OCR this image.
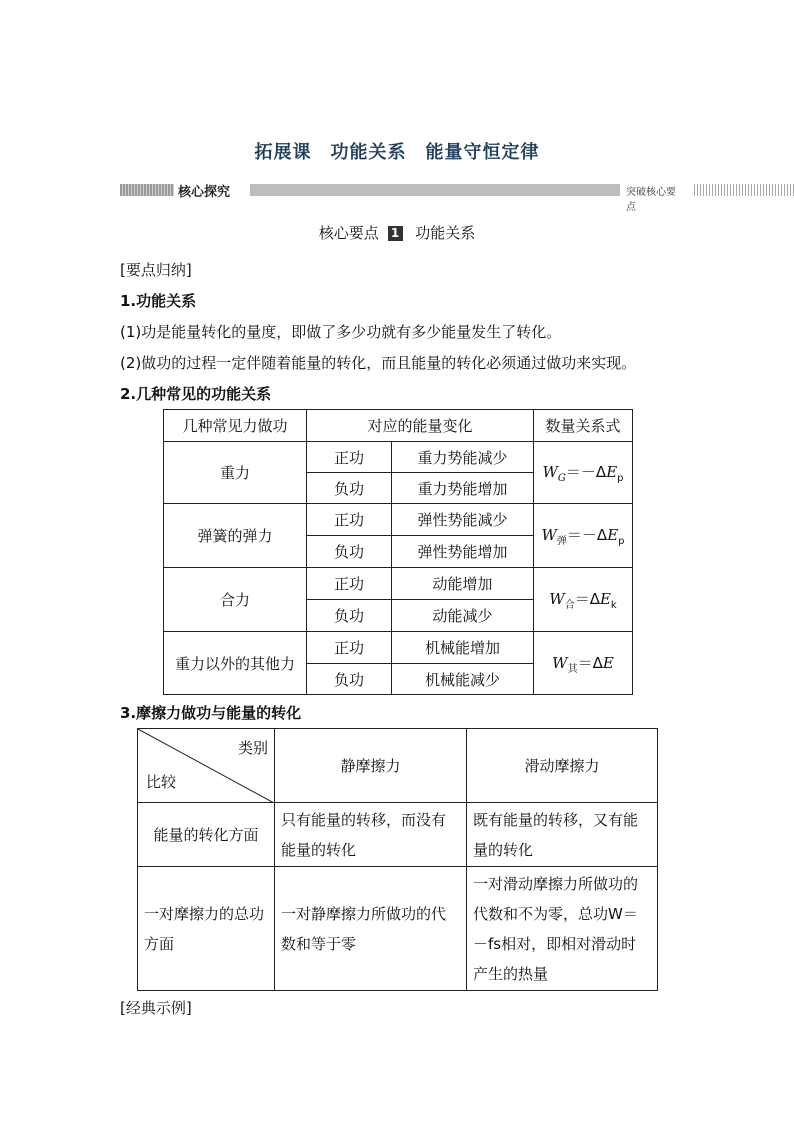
拓展课　功能关系　能量守恒定律
核心探究	突破核心要点
核心要点 1 功能关系
[要点归纳]
1.功能关系
(1)功是能量转化的量度，即做了多少功就有多少能量发生了转化。
(2)做功的过程一定伴随着能量的转化，而且能量的转化必须通过做功来实现。
2.几种常见的功能关系
几种常见力做功	对应的能量变化		数量关系式
重力	正功	重力势能减少	$W_G=-\Delta E_p$
	负功	重力势能增加	
弹簧的弹力	正功	弹性势能减少	$W_弹=-\Delta E_p$
	负功	弹性势能增加	
合力	正功	动能增加	$W_合=\Delta E_k$
	负功	动能减少	
重力以外的其他力	正功	机械能增加	$W_其=\Delta E$
	负功	机械能减少	
3.摩擦力做功与能量的转化
类别
比较	静摩擦力	滑动摩擦力
能量的转化方面	只有能量的转移，而没有能量的转化	既有能量的转移，又有能量的转化
一对摩擦力的总功方面	一对静摩擦力所做功的代数和等于零	一对滑动摩擦力所做功的代数和不为零，总功W＝－fs相对，即相对滑动时产生的热量
[经典示例]
